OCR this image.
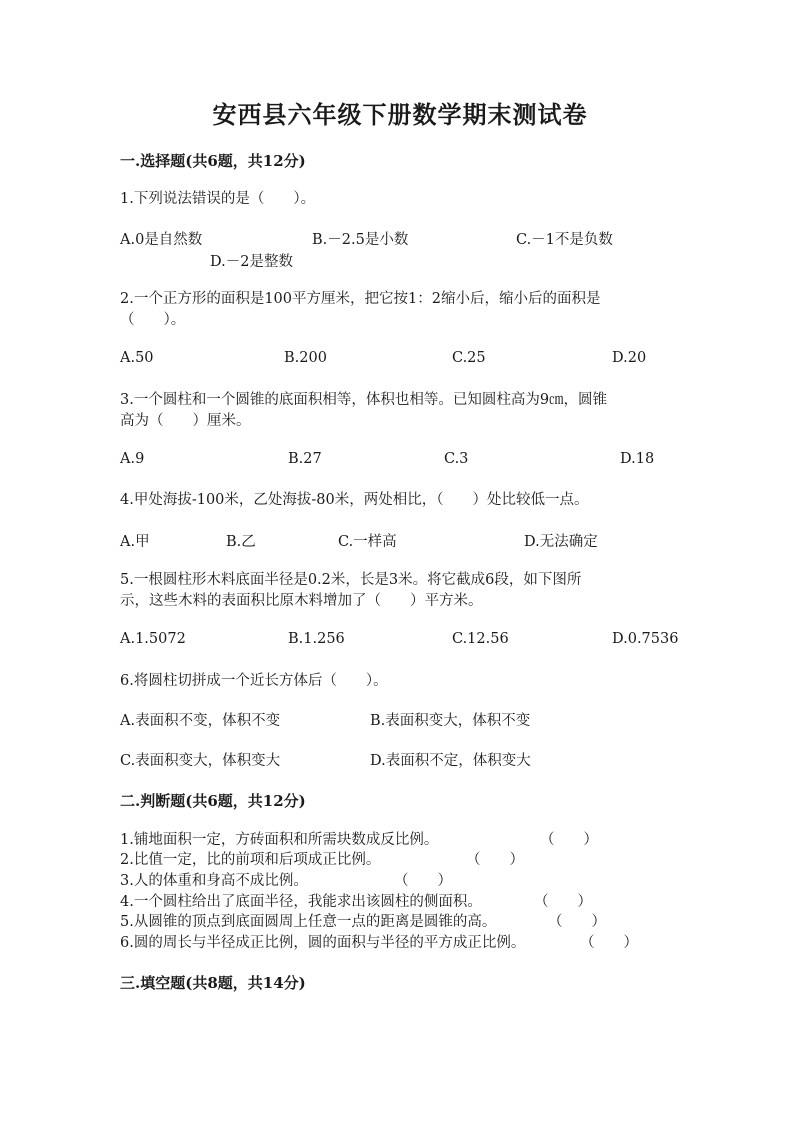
安西县六年级下册数学期末测试卷
一.选择题(共6题，共12分)
1.下列说法错误的是（　　）。
A.0是自然数	B.－2.5是小数	C.－1不是负数
D.－2是整数
2.一个正方形的面积是100平方厘米，把它按1：2缩小后，缩小后的面积是
（　　）。
A.50	B.200	C.25	D.20
3.一个圆柱和一个圆锥的底面积相等，体积也相等。已知圆柱高为9㎝，圆锥
高为（　　）厘米。
A.9	B.27	C.3	D.18
4.甲处海拔-100米，乙处海拔-80米，两处相比，（　　）处比较低一点。
A.甲	B.乙	C.一样高	D.无法确定
5.一根圆柱形木料底面半径是0.2米，长是3米。将它截成6段，如下图所
示，这些木料的表面积比原木料增加了（　　）平方米。
A.1.5072	B.1.256	C.12.56	D.0.7536
6.将圆柱切拼成一个近长方体后（　　）。
A.表面积不变，体积不变	B.表面积变大，体积不变
C.表面积变大，体积变大	D.表面积不定，体积变大
二.判断题(共6题，共12分)
1.铺地面积一定，方砖面积和所需块数成反比例。	（　　）
2.比值一定，比的前项和后项成正比例。	（　　）
3.人的体重和身高不成比例。	（　　）
4.一个圆柱给出了底面半径，我能求出该圆柱的侧面积。	（　　）
5.从圆锥的顶点到底面圆周上任意一点的距离是圆锥的高。	（　　）
6.圆的周长与半径成正比例，圆的面积与半径的平方成正比例。	（　　）
三.填空题(共8题，共14分)
